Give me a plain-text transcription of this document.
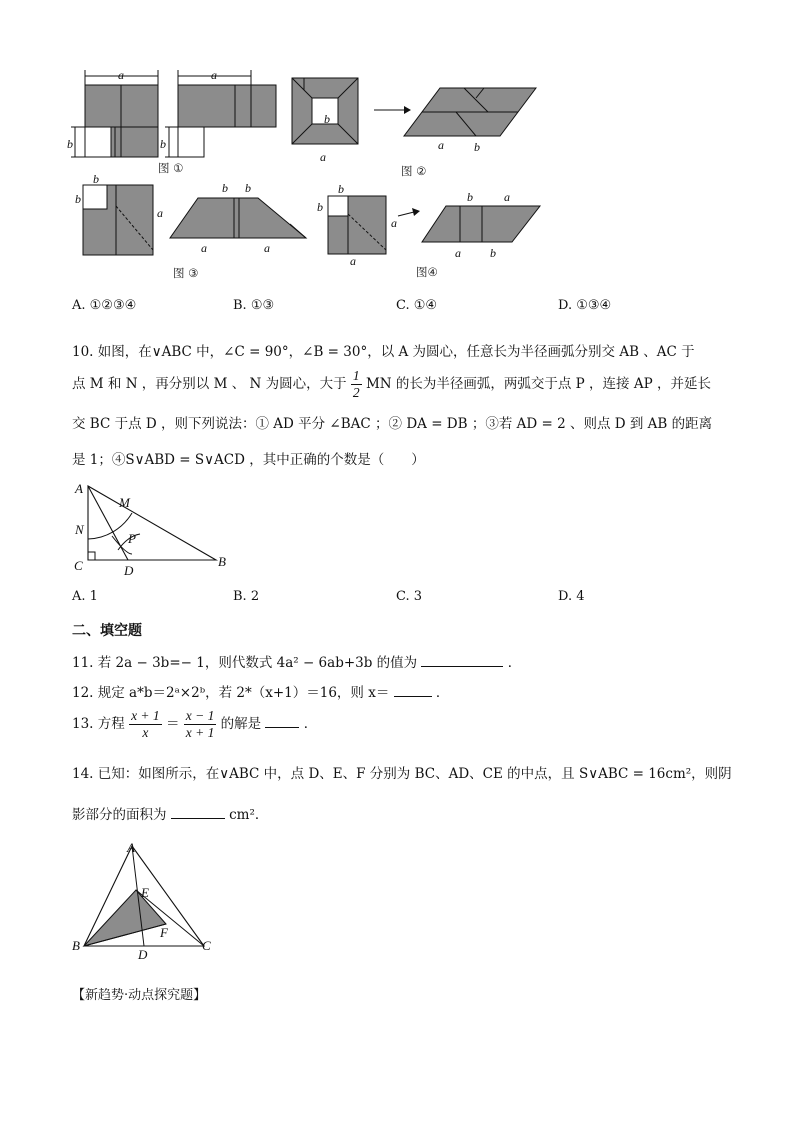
a
b
a
b
图 ①
b
a
a	b
图 ②
b
b
a
b b
a	a
图 ③
b
b
a
a
b	a
a b
图④
A. ①②③④	B. ①③	C. ①④	D. ①③④
10. 如图，在∨ABC 中，∠C = 90°，∠B = 30°，以 A 为圆心，任意长为半径画弧分别交 AB 、AC 于
点 M 和 N ，再分别以 M 、 N 为圆心，大于 $\frac{1}{2}$ MN 的长为半径画弧，两弧交于点 P ，连接 AP ，并延长
交 BC 于点 D ，则下列说法：① AD 平分 ∠BAC ；② DA = DB ；③若 AD = 2 、则点 D 到 AB 的距离
是 1；④S∨ABD = S∨ACD ，其中正确的个数是（　　）
A
M
N
P
C	D
B
A. 1	B. 2	C. 3	D. 4
二、填空题
11. 若 2a − 3b=− 1，则代数式 4a² − 6ab+3b 的值为	．
12. 规定 a*b＝2ᵃ×2ᵇ，若 2*（x+1）＝16，则 x＝	．
13. 方程 $\frac{x + 1}{x} = \frac{x - 1}{x + 1}$ 的解是	．
14. 已知：如图所示，在∨ABC 中，点 D、E、F 分别为 BC、AD、CE 的中点，且 S∨ABC = 16cm²，则阴
影部分的面积为	cm²．
A
E
F
B
D
C
【新趋势·动点探究题】
